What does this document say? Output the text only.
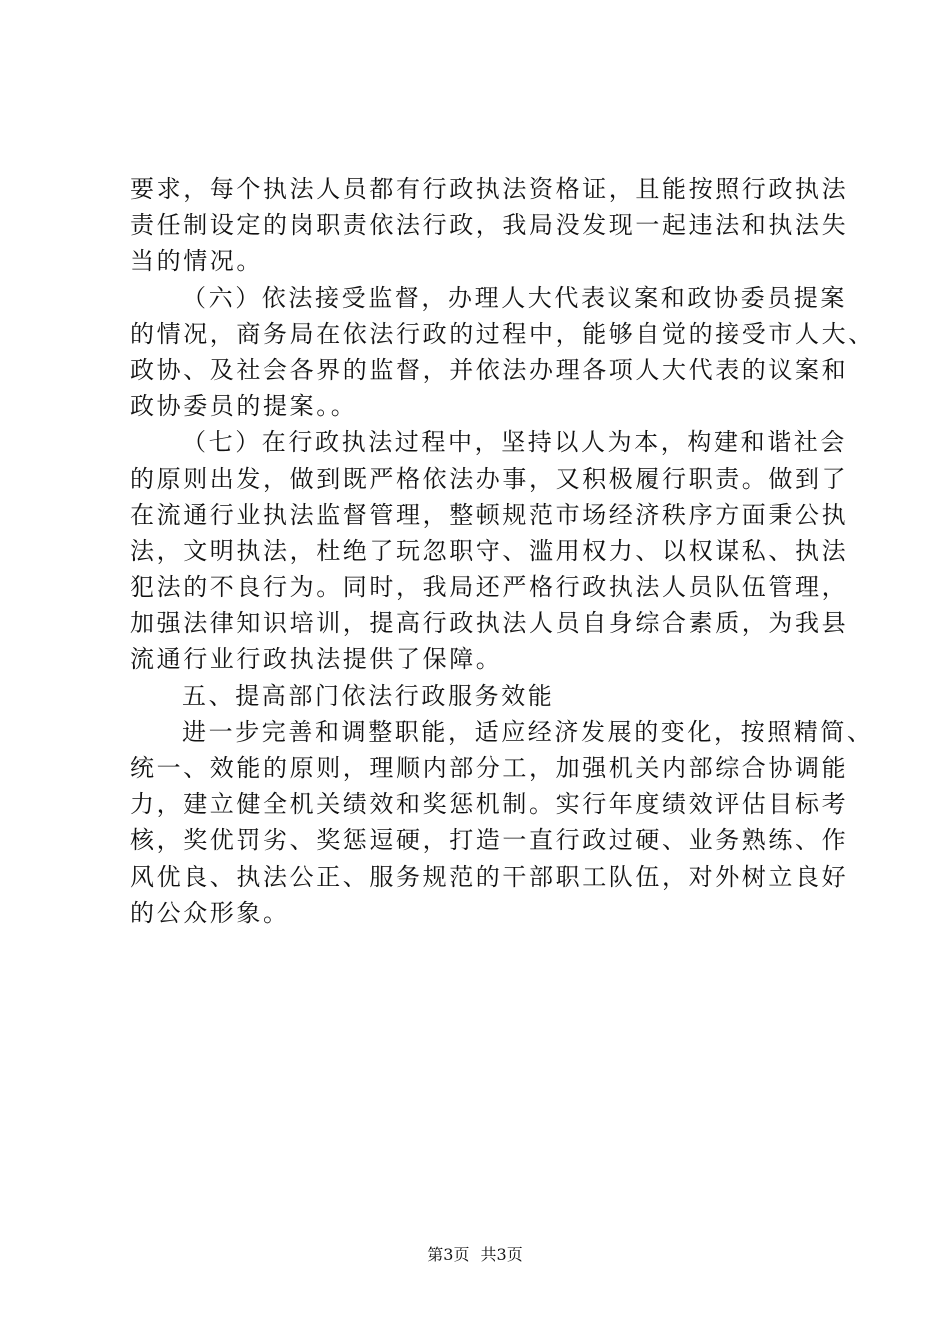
要求，每个执法人员都有行政执法资格证，且能按照行政执法
责任制设定的岗职责依法行政，我局没发现一起违法和执法失
当的情况。
（六）依法接受监督，办理人大代表议案和政协委员提案
的情况，商务局在依法行政的过程中，能够自觉的接受市人大、
政协、及社会各界的监督，并依法办理各项人大代表的议案和
政协委员的提案。。
（七）在行政执法过程中，坚持以人为本，构建和谐社会
的原则出发，做到既严格依法办事，又积极履行职责。做到了
在流通行业执法监督管理，整顿规范市场经济秩序方面秉公执
法，文明执法，杜绝了玩忽职守、滥用权力、以权谋私、执法
犯法的不良行为。同时，我局还严格行政执法人员队伍管理，
加强法律知识培训，提高行政执法人员自身综合素质，为我县
流通行业行政执法提供了保障。
五、提高部门依法行政服务效能
进一步完善和调整职能，适应经济发展的变化，按照精简、
统一、效能的原则，理顺内部分工，加强机关内部综合协调能
力，建立健全机关绩效和奖惩机制。实行年度绩效评估目标考
核，奖优罚劣、奖惩逗硬，打造一直行政过硬、业务熟练、作
风优良、执法公正、服务规范的干部职工队伍，对外树立良好
的公众形象。
第3页 共3页
